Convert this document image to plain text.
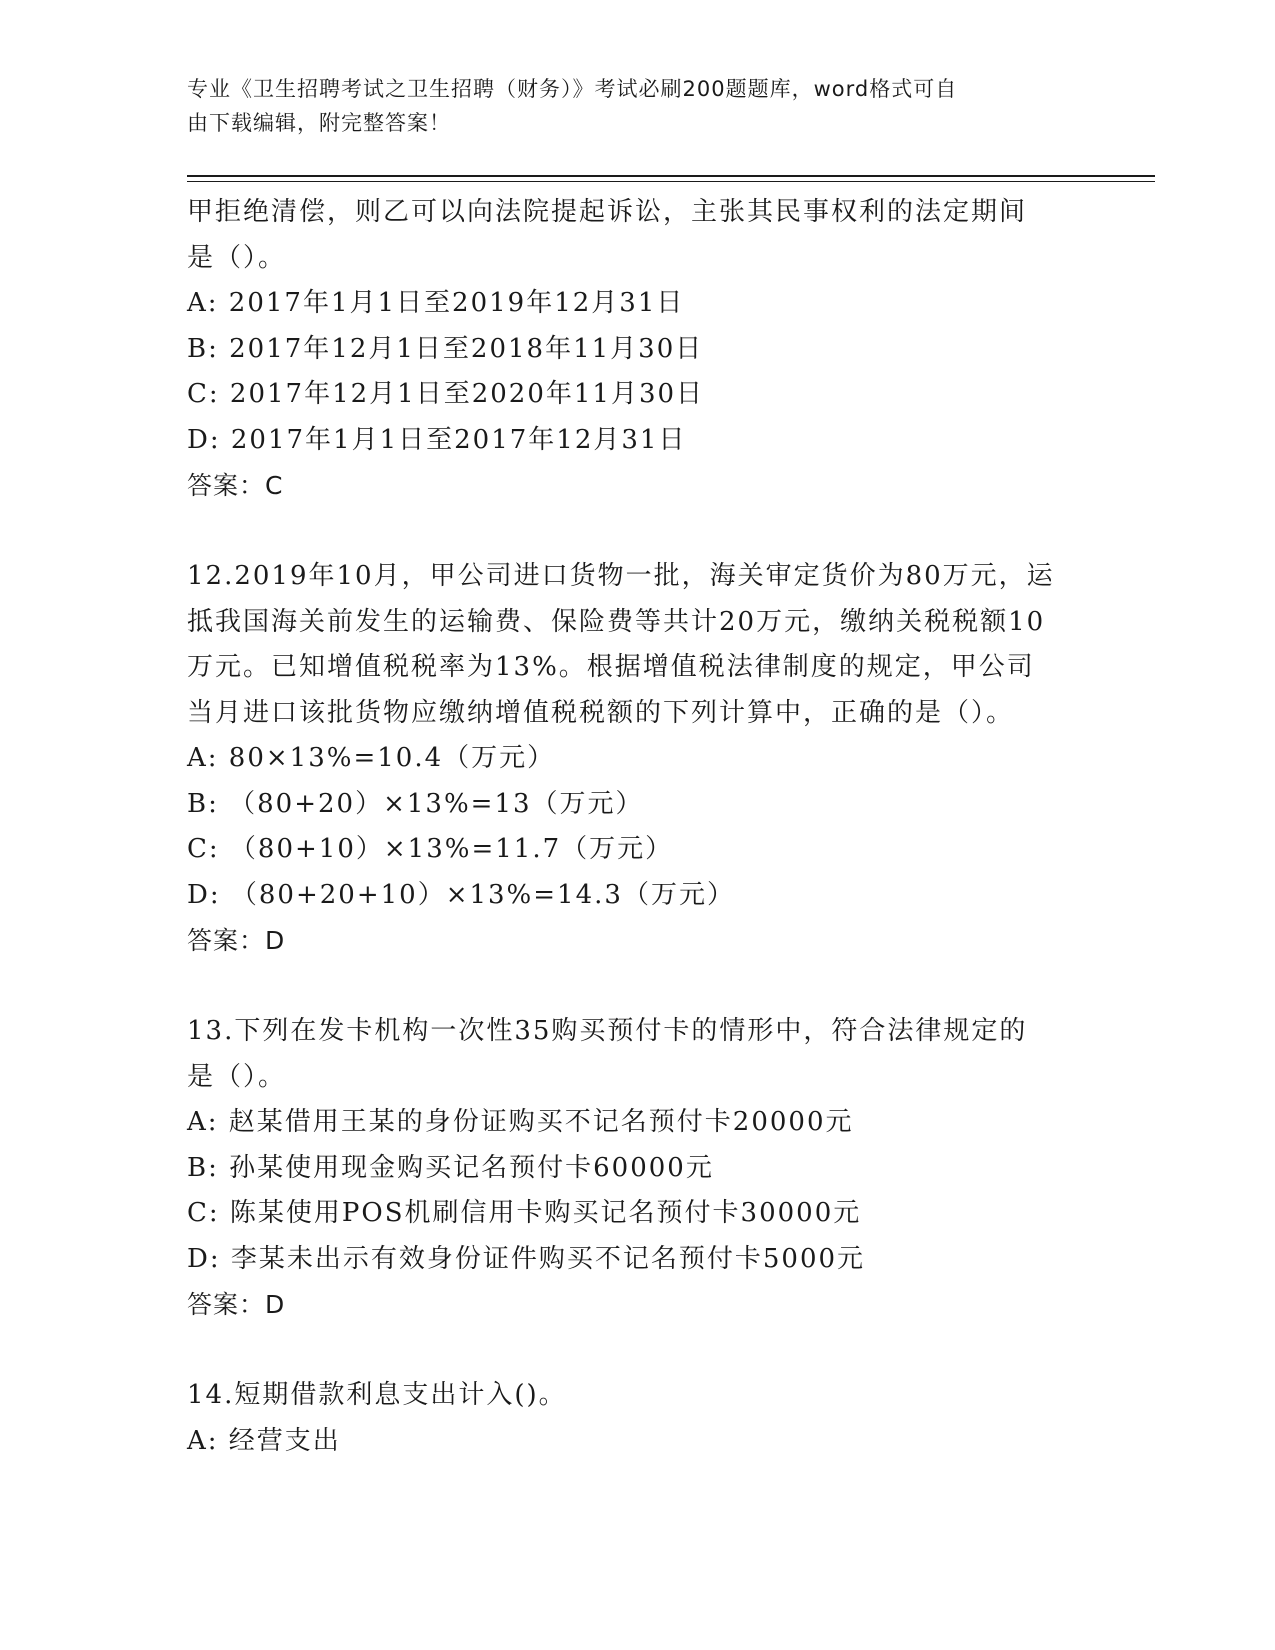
专业《卫生招聘考试之卫生招聘（财务）》考试必刷200题题库，word格式可自
由下载编辑，附完整答案！
甲拒绝清偿，则乙可以向法院提起诉讼，主张其民事权利的法定期间
是（）。
A: 2017年1月1日至2019年12月31日
B: 2017年12月1日至2018年11月30日
C: 2017年12月1日至2020年11月30日
D: 2017年1月1日至2017年12月31日
答案：C
12.2019年10月，甲公司进口货物一批，海关审定货价为80万元，运
抵我国海关前发生的运输费、保险费等共计20万元，缴纳关税税额10
万元。已知增值税税率为13%。根据增值税法律制度的规定，甲公司
当月进口该批货物应缴纳增值税税额的下列计算中，正确的是（）。
A: 80×13%=10.4（万元）
B: （80+20）×13%=13（万元）
C: （80+10）×13%=11.7（万元）
D: （80+20+10）×13%=14.3（万元）
答案：D
13.下列在发卡机构一次性35购买预付卡的情形中，符合法律规定的
是（）。
A: 赵某借用王某的身份证购买不记名预付卡20000元
B: 孙某使用现金购买记名预付卡60000元
C: 陈某使用POS机刷信用卡购买记名预付卡30000元
D: 李某未出示有效身份证件购买不记名预付卡5000元
答案：D
14.短期借款利息支出计入()。
A: 经营支出
